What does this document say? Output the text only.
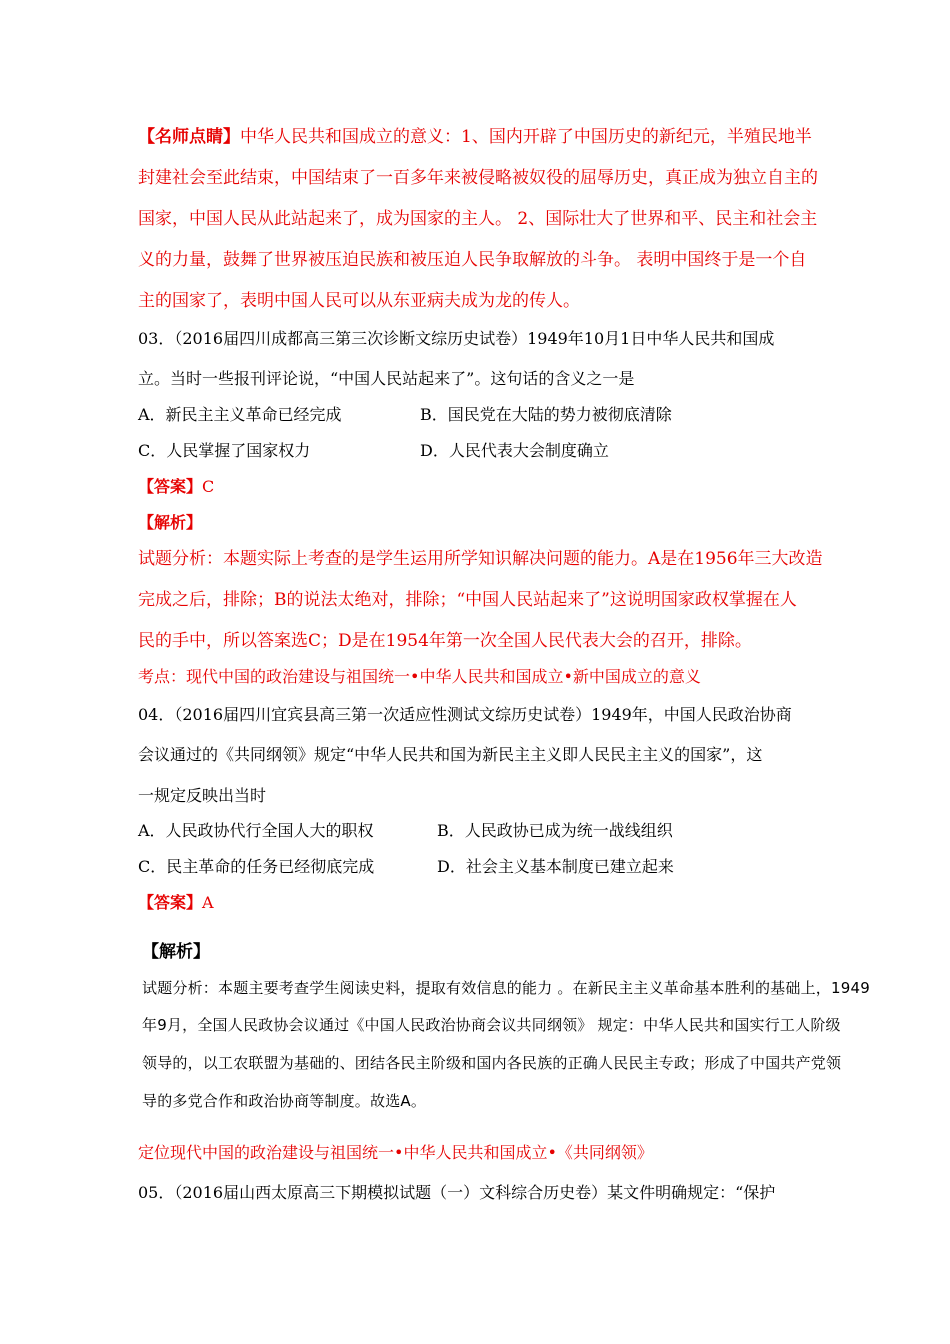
【名师点睛】中华人民共和国成立的意义：1、国内开辟了中国历史的新纪元，半殖民地半
封建社会至此结束，中国结束了一百多年来被侵略被奴役的屈辱历史，真正成为独立自主的
国家，中国人民从此站起来了，成为国家的主人。 2、国际壮大了世界和平、民主和社会主
义的力量，鼓舞了世界被压迫民族和被压迫人民争取解放的斗争。 表明中国终于是一个自
主的国家了，表明中国人民可以从东亚病夫成为龙的传人。
03．（2016届四川成都高三第三次诊断文综历史试卷）1949年10月1日中华人民共和国成
立。当时一些报刊评论说，“中国人民站起来了”。这句话的含义之一是
A．新民主主义革命已经完成	B．国民党在大陆的势力被彻底清除
C．人民掌握了国家权力	D．人民代表大会制度确立
【答案】C
【解析】
试题分析：本题实际上考查的是学生运用所学知识解决问题的能力。A是在1956年三大改造
完成之后，排除；B的说法太绝对，排除；“中国人民站起来了”这说明国家政权掌握在人
民的手中，所以答案选C；D是在1954年第一次全国人民代表大会的召开，排除。
考点：现代中国的政治建设与祖国统一•中华人民共和国成立•新中国成立的意义
04．（2016届四川宜宾县高三第一次适应性测试文综历史试卷）1949年，中国人民政治协商
会议通过的《共同纲领》规定“中华人民共和国为新民主主义即人民民主主义的国家”，这
一规定反映出当时
A．人民政协代行全国人大的职权	B．人民政协已成为统一战线组织
C．民主革命的任务已经彻底完成	D．社会主义基本制度已建立起来
【答案】A
【解析】
试题分析：本题主要考查学生阅读史料，提取有效信息的能力 。在新民主主义革命基本胜利的基础上，1949
年9月，全国人民政协会议通过《中国人民政治协商会议共同纲领》 规定：中华人民共和国实行工人阶级
领导的，以工农联盟为基础的、团结各民主阶级和国内各民族的正确人民民主专政；形成了中国共产党领
导的多党合作和政治协商等制度。故选A。
定位现代中国的政治建设与祖国统一•中华人民共和国成立•《共同纲领》
05．（2016届山西太原高三下期模拟试题（一）文科综合历史卷）某文件明确规定：“保护
